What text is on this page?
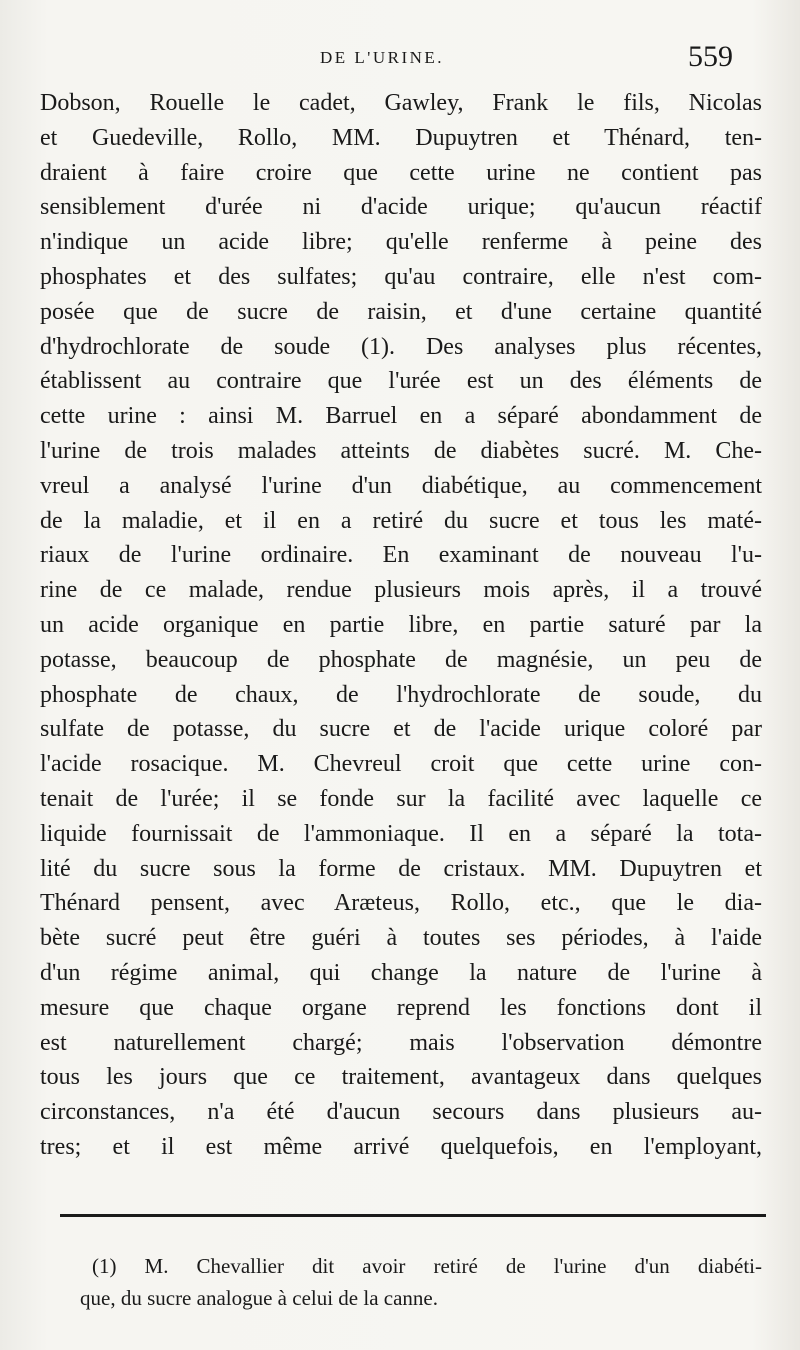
DE L'URINE.	559
Dobson, Rouelle le cadet, Gawley, Frank le fils, Nicolas
et Guedeville, Rollo, MM. Dupuytren et Thénard, ten-
draient à faire croire que cette urine ne contient pas
sensiblement d'urée ni d'acide urique; qu'aucun réactif
n'indique un acide libre; qu'elle renferme à peine des
phosphates et des sulfates; qu'au contraire, elle n'est com-
posée que de sucre de raisin, et d'une certaine quantité
d'hydrochlorate de soude (1). Des analyses plus récentes,
établissent au contraire que l'urée est un des éléments de
cette urine : ainsi M. Barruel en a séparé abondamment de
l'urine de trois malades atteints de diabètes sucré. M. Che-
vreul a analysé l'urine d'un diabétique, au commencement
de la maladie, et il en a retiré du sucre et tous les maté-
riaux de l'urine ordinaire. En examinant de nouveau l'u-
rine de ce malade, rendue plusieurs mois après, il a trouvé
un acide organique en partie libre, en partie saturé par la
potasse, beaucoup de phosphate de magnésie, un peu de
phosphate de chaux, de l'hydrochlorate de soude, du
sulfate de potasse, du sucre et de l'acide urique coloré par
l'acide rosacique. M. Chevreul croit que cette urine con-
tenait de l'urée; il se fonde sur la facilité avec laquelle ce
liquide fournissait de l'ammoniaque. Il en a séparé la tota-
lité du sucre sous la forme de cristaux. MM. Dupuytren et
Thénard pensent, avec Aræteus, Rollo, etc., que le dia-
bète sucré peut être guéri à toutes ses périodes, à l'aide
d'un régime animal, qui change la nature de l'urine à
mesure que chaque organe reprend les fonctions dont il
est naturellement chargé; mais l'observation démontre
tous les jours que ce traitement, avantageux dans quelques
circonstances, n'a été d'aucun secours dans plusieurs au-
tres; et il est même arrivé quelquefois, en l'employant,
(1) M. Chevallier dit avoir retiré de l'urine d'un diabéti-
que, du sucre analogue à celui de la canne.
